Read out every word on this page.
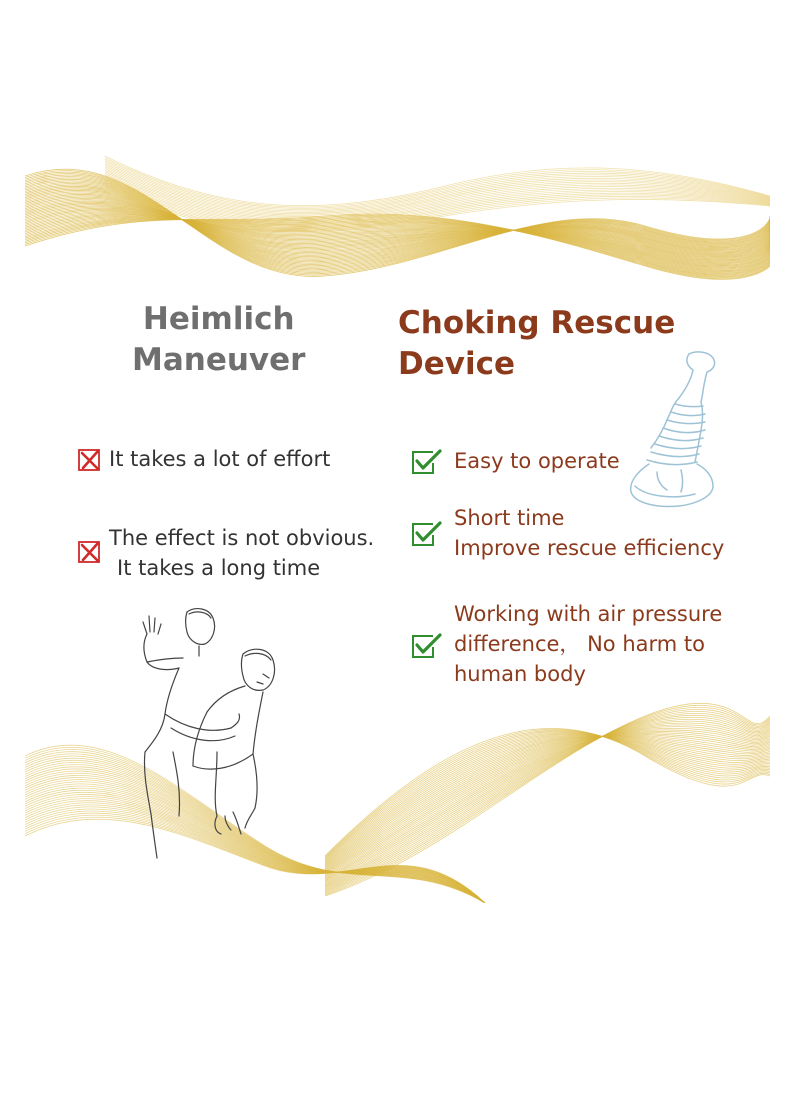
Heimlich
Maneuver
Choking Rescue
Device
It takes a lot of effort
The effect is not obvious.
It takes a long time
Easy to operate
Short time
Improve rescue efficiency
Working with air pressure
difference， No harm to
human body
